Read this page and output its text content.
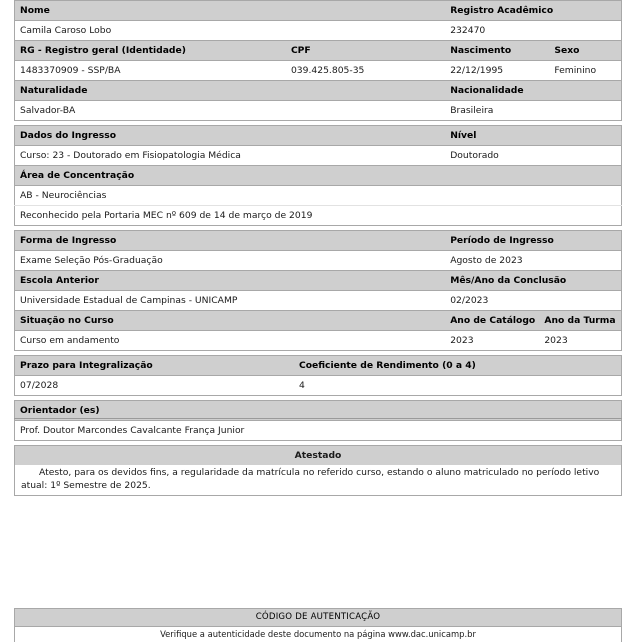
Nome		Registro Acadêmico	
Camila Caroso Lobo		232470	
RG - Registro geral (Identidade)	CPF	Nascimento	Sexo
1483370909 - SSP/BA	039.425.805-35	22/12/1995	Feminino
Naturalidade		Nacionalidade	
Salvador-BA		Brasileira	
Dados do Ingresso	Nível
Curso: 23 - Doutorado em Fisiopatologia Médica	Doutorado
Área de Concentração	
AB - Neurociências	
Reconhecido pela Portaria MEC nº 609 de 14 de março de 2019	
Forma de Ingresso	Período de Ingresso	
Exame Seleção Pós-Graduação	Agosto de 2023	
Escola Anterior	Mês/Ano da Conclusão	
Universidade Estadual de Campinas - UNICAMP	02/2023	
Situação no Curso	Ano de Catálogo	Ano da Turma
Curso em andamento	2023	2023
Prazo para Integralização	Coeficiente de Rendimento (0 a 4)
07/2028	4
Orientador (es)
Prof. Doutor Marcondes Cavalcante França Junior
Atestado
Atesto, para os devidos fins, a regularidade da matrícula no referido curso, estando o aluno matriculado no período letivo atual: 1º Semestre de 2025.
CÓDIGO DE AUTENTICAÇÃO
Verifique a autenticidade deste documento na página www.dac.unicamp.br
